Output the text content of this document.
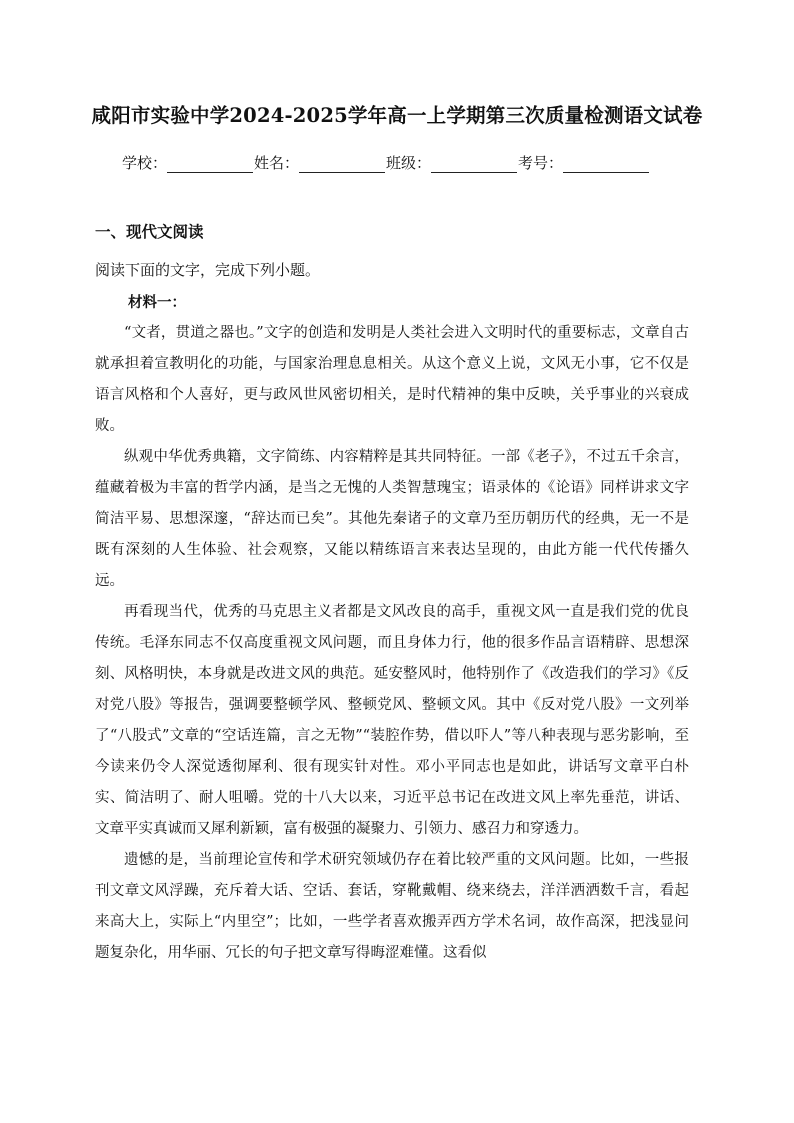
咸阳市实验中学2024-2025学年高一上学期第三次质量检测语文试卷
学校：	姓名：	班级：	考号：
一、现代文阅读
阅读下面的文字，完成下列小题。
材料一：

“文者，贯道之器也。”文字的创造和发明是人类社会进入文明时代的重要标志，文章自古就承担着宣教明化的功能，与国家治理息息相关。从这个意义上说，文风无小事，它不仅是语言风格和个人喜好，更与政风世风密切相关，是时代精神的集中反映，关乎事业的兴衰成败。

纵观中华优秀典籍，文字简练、内容精粹是其共同特征。一部《老子》，不过五千余言，蕴藏着极为丰富的哲学内涵，是当之无愧的人类智慧瑰宝；语录体的《论语》同样讲求文字简洁平易、思想深邃，“辞达而已矣”。其他先秦诸子的文章乃至历朝历代的经典，无一不是既有深刻的人生体验、社会观察，又能以精练语言来表达呈现的，由此方能一代代传播久远。

再看现当代，优秀的马克思主义者都是文风改良的高手，重视文风一直是我们党的优良传统。毛泽东同志不仅高度重视文风问题，而且身体力行，他的很多作品言语精辟、思想深刻、风格明快，本身就是改进文风的典范。延安整风时，他特别作了《改造我们的学习》《反对党八股》等报告，强调要整顿学风、整顿党风、整顿文风。其中《反对党八股》一文列举了“八股式”文章的“空话连篇，言之无物”“装腔作势，借以吓人”等八种表现与恶劣影响，至今读来仍令人深觉透彻犀利、很有现实针对性。邓小平同志也是如此，讲话写文章平白朴实、简洁明了、耐人咀嚼。党的十八大以来，习近平总书记在改进文风上率先垂范，讲话、文章平实真诚而又犀利新颖，富有极强的凝聚力、引领力、感召力和穿透力。

遗憾的是，当前理论宣传和学术研究领域仍存在着比较严重的文风问题。比如，一些报刊文章文风浮躁，充斥着大话、空话、套话，穿靴戴帽、绕来绕去，洋洋洒洒数千言，看起来高大上，实际上“内里空”；比如，一些学者喜欢搬弄西方学术名词，故作高深，把浅显问题复杂化，用华丽、冗长的句子把文章写得晦涩难懂。这看似
